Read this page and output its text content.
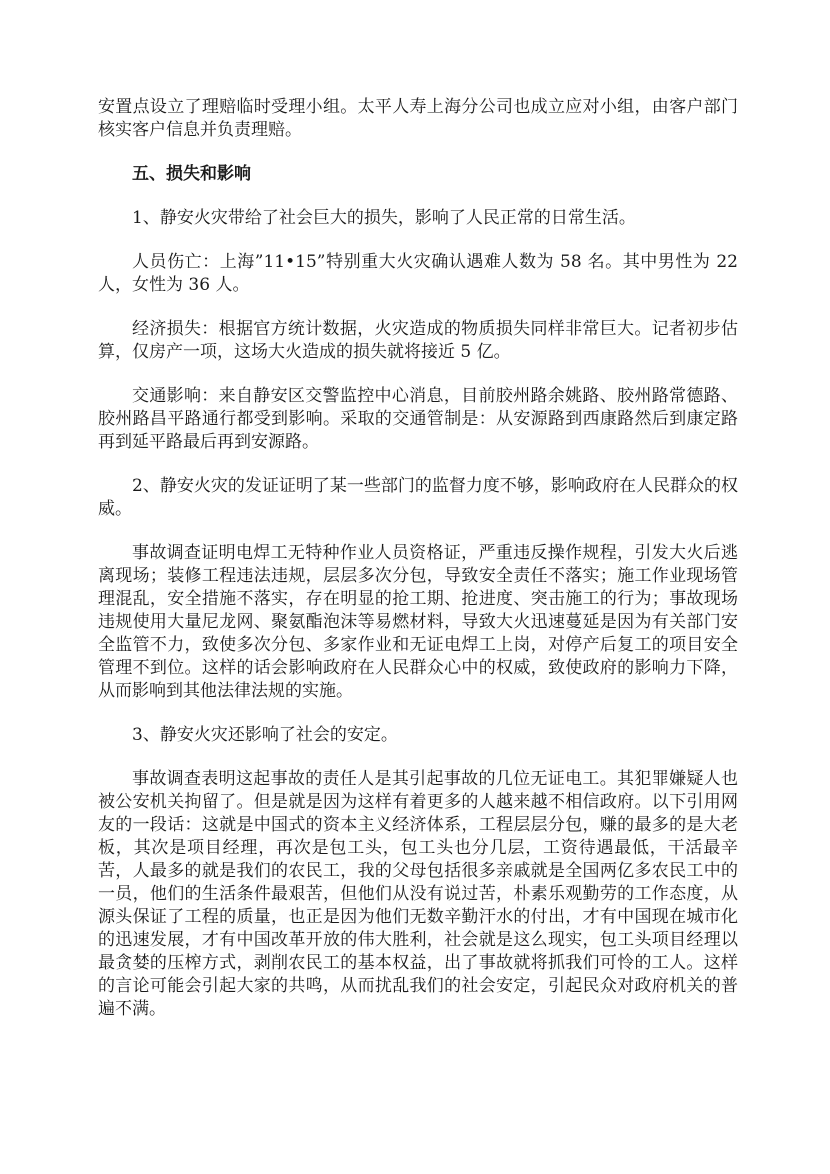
安置点设立了理赔临时受理小组。太平人寿上海分公司也成立应对小组，由客户部门核实客户信息并负责理赔。

五、损失和影响

1、静安火灾带给了社会巨大的损失，影响了人民正常的日常生活。

人员伤亡：上海”11•15”特别重大火灾确认遇难人数为 58 名。其中男性为 22 人，女性为 36 人。

经济损失：根据官方统计数据，火灾造成的物质损失同样非常巨大。记者初步估算，仅房产一项，这场大火造成的损失就将接近 5 亿。

交通影响：来自静安区交警监控中心消息，目前胶州路余姚路、胶州路常德路、胶州路昌平路通行都受到影响。采取的交通管制是：从安源路到西康路然后到康定路再到延平路最后再到安源路。

2、静安火灾的发证证明了某一些部门的监督力度不够，影响政府在人民群众的权威。

事故调查证明电焊工无特种作业人员资格证，严重违反操作规程，引发大火后逃离现场；装修工程违法违规，层层多次分包，导致安全责任不落实；施工作业现场管理混乱，安全措施不落实，存在明显的抢工期、抢进度、突击施工的行为；事故现场违规使用大量尼龙网、聚氨酯泡沫等易燃材料，导致大火迅速蔓延是因为有关部门安全监管不力，致使多次分包、多家作业和无证电焊工上岗，对停产后复工的项目安全管理不到位。这样的话会影响政府在人民群众心中的权威，致使政府的影响力下降，从而影响到其他法律法规的实施。

3、静安火灾还影响了社会的安定。

事故调查表明这起事故的责任人是其引起事故的几位无证电工。其犯罪嫌疑人也被公安机关拘留了。但是就是因为这样有着更多的人越来越不相信政府。以下引用网友的一段话：这就是中国式的资本主义经济体系，工程层层分包，赚的最多的是大老板，其次是项目经理，再次是包工头，包工头也分几层，工资待遇最低，干活最辛苦，人最多的就是我们的农民工，我的父母包括很多亲戚就是全国两亿多农民工中的一员，他们的生活条件最艰苦，但他们从没有说过苦，朴素乐观勤劳的工作态度，从源头保证了工程的质量，也正是因为他们无数辛勤汗水的付出，才有中国现在城市化的迅速发展，才有中国改革开放的伟大胜利，社会就是这么现实，包工头项目经理以最贪婪的压榨方式，剥削农民工的基本权益，出了事故就将抓我们可怜的工人。这样的言论可能会引起大家的共鸣，从而扰乱我们的社会安定，引起民众对政府机关的普遍不满。
